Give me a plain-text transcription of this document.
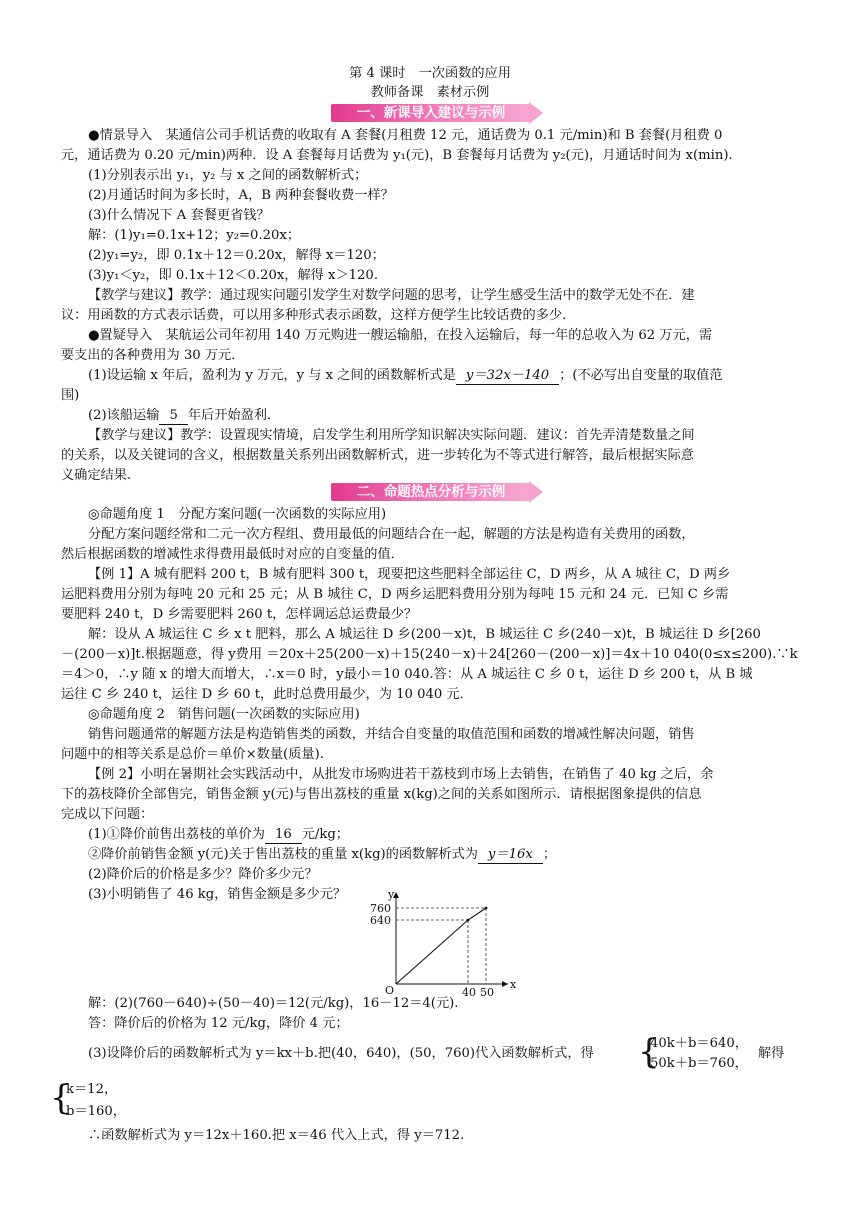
第 4 课时　一次函数的应用
教师备课　素材示例
一、新课导入建议与示例
●情景导入　某通信公司手机话费的收取有 A 套餐(月租费 12 元，通话费为 0.1 元/min)和 B 套餐(月租费 0
元，通话费为 0.20 元/min)两种．设 A 套餐每月话费为 y₁(元)，B 套餐每月话费为 y₂(元)，月通话时间为 x(min).
(1)分别表示出 y₁，y₂ 与 x 之间的函数解析式；
(2)月通话时间为多长时，A，B 两种套餐收费一样？
(3)什么情况下 A 套餐更省钱？
解：(1)y₁=0.1x+12；y₂=0.20x；
(2)y₁=y₂，即 0.1x＋12＝0.20x，解得 x＝120；
(3)y₁＜y₂，即 0.1x＋12＜0.20x，解得 x＞120.
【教学与建议】教学：通过现实问题引发学生对数学问题的思考，让学生感受生活中的数学无处不在．建
议：用函数的方式表示话费，可以用多种形式表示函数，这样方便学生比较话费的多少．
●置疑导入　某航运公司年初用 140 万元购进一艘运输船，在投入运输后，每一年的总收入为 62 万元，需
要支出的各种费用为 30 万元．
(1)设运输 x 年后，盈利为 y 万元，y 与 x 之间的函数解析式是 y＝32x－140 ；(不必写出自变量的取值范
围)
(2)该船运输 5 年后开始盈利．
【教学与建议】教学：设置现实情境，启发学生利用所学知识解决实际问题．建议：首先弄清楚数量之间
的关系，以及关键词的含义，根据数量关系列出函数解析式，进一步转化为不等式进行解答，最后根据实际意
义确定结果.
二、命题热点分析与示例
◎命题角度 1　分配方案问题(一次函数的实际应用)
分配方案问题经常和二元一次方程组、费用最低的问题结合在一起，解题的方法是构造有关费用的函数，
然后根据函数的增减性求得费用最低时对应的自变量的值．
【例 1】A 城有肥料 200 t，B 城有肥料 300 t，现要把这些肥料全部运往 C，D 两乡，从 A 城往 C，D 两乡
运肥料费用分别为每吨 20 元和 25 元；从 B 城往 C，D 两乡运肥料费用分别为每吨 15 元和 24 元．已知 C 乡需
要肥料 240 t，D 乡需要肥料 260 t，怎样调运总运费最少？
解：设从 A 城运往 C 乡 x t 肥料，那么 A 城运往 D 乡(200－x)t，B 城运往 C 乡(240－x)t，B 城运往 D 乡[260
－(200－x)]t.根据题意，得 y费用 ＝20x＋25(200－x)＋15(240－x)＋24[260－(200－x)]＝4x＋10 040(0≤x≤200).∵k
＝4＞0，∴y 随 x 的增大而增大，∴x＝0 时，y最小＝10 040.答：从 A 城运往 C 乡 0 t，运往 D 乡 200 t，从 B 城
运往 C 乡 240 t，运往 D 乡 60 t，此时总费用最少，为 10 040 元．
◎命题角度 2　销售问题(一次函数的实际应用)
销售问题通常的解题方法是构造销售类的函数，并结合自变量的取值范围和函数的增减性解决问题，销售
问题中的相等关系是总价＝单价×数量(质量).
【例 2】小明在暑期社会实践活动中，从批发市场购进若干荔枝到市场上去销售，在销售了 40 kg 之后，余
下的荔枝降价全部售完，销售金额 y(元)与售出荔枝的重量 x(kg)之间的关系如图所示．请根据图象提供的信息
完成以下问题：
(1)①降价前售出荔枝的单价为 16 元/kg；
②降价前销售金额 y(元)关于售出荔枝的重量 x(kg)的函数解析式为 y＝16x ；
(2)降价后的价格是多少？降价多少元？
(3)小明销售了 46 kg，销售金额是多少元？
x
y
O	40 50
760
640
解：(2)(760－640)÷(50－40)＝12(元/kg)，16－12＝4(元).
答：降价后的价格为 12 元/kg，降价 4 元；
(3)设降价后的函数解析式为 y＝kx＋b.把(40，640)，(50，760)代入函数解析式，得 {
40k＋b＝640，
50k＋b＝760，
解得
{
k＝12，
b＝160，
∴函数解析式为 y＝12x＋160.把 x＝46 代入上式，得 y＝712.
